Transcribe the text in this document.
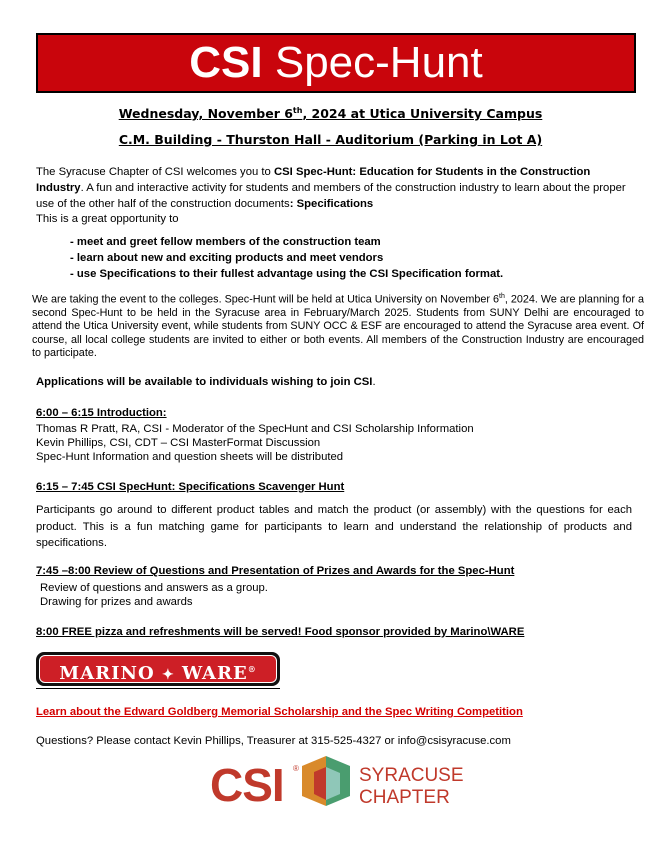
CSI Spec-Hunt
Wednesday, November 6th, 2024 at Utica University Campus
C.M. Building - Thurston Hall - Auditorium (Parking in Lot A)
The Syracuse Chapter of CSI welcomes you to CSI Spec-Hunt: Education for Students in the Construction Industry. A fun and interactive activity for students and members of the construction industry to learn about the proper use of the other half of the construction documents: Specifications
This is a great opportunity to
- meet and greet fellow members of the construction team
- learn about new and exciting products and meet vendors
- use Specifications to their fullest advantage using the CSI Specification format.
We are taking the event to the colleges. Spec-Hunt will be held at Utica University on November 6th, 2024. We are planning for a second Spec-Hunt to be held in the Syracuse area in February/March 2025. Students from SUNY Delhi are encouraged to attend the Utica University event, while students from SUNY OCC & ESF are encouraged to attend the Syracuse area event. Of course, all local college students are invited to either or both events. All members of the Construction Industry are encouraged to participate.
Applications will be available to individuals wishing to join CSI.
6:00 – 6:15 Introduction:
Thomas R Pratt, RA, CSI - Moderator of the SpecHunt and CSI Scholarship Information
Kevin Phillips, CSI, CDT – CSI MasterFormat Discussion
Spec-Hunt Information and question sheets will be distributed
6:15 – 7:45 CSI SpecHunt: Specifications Scavenger Hunt
Participants go around to different product tables and match the product (or assembly) with the questions for each product. This is a fun matching game for participants to learn and understand the relationship of products and specifications.
7:45 –8:00 Review of Questions and Presentation of Prizes and Awards for the Spec-Hunt
Review of questions and answers as a group.
Drawing for prizes and awards
8:00 FREE pizza and refreshments will be served! Food sponsor provided by Marino\WARE
MARINO ✦ WARE®
Learn about the Edward Goldberg Memorial Scholarship and the Spec Writing Competition
Questions? Please contact Kevin Phillips, Treasurer at 315-525-4327 or info@csisyracuse.com
CSI ®	SYRACUSE
CHAPTER
